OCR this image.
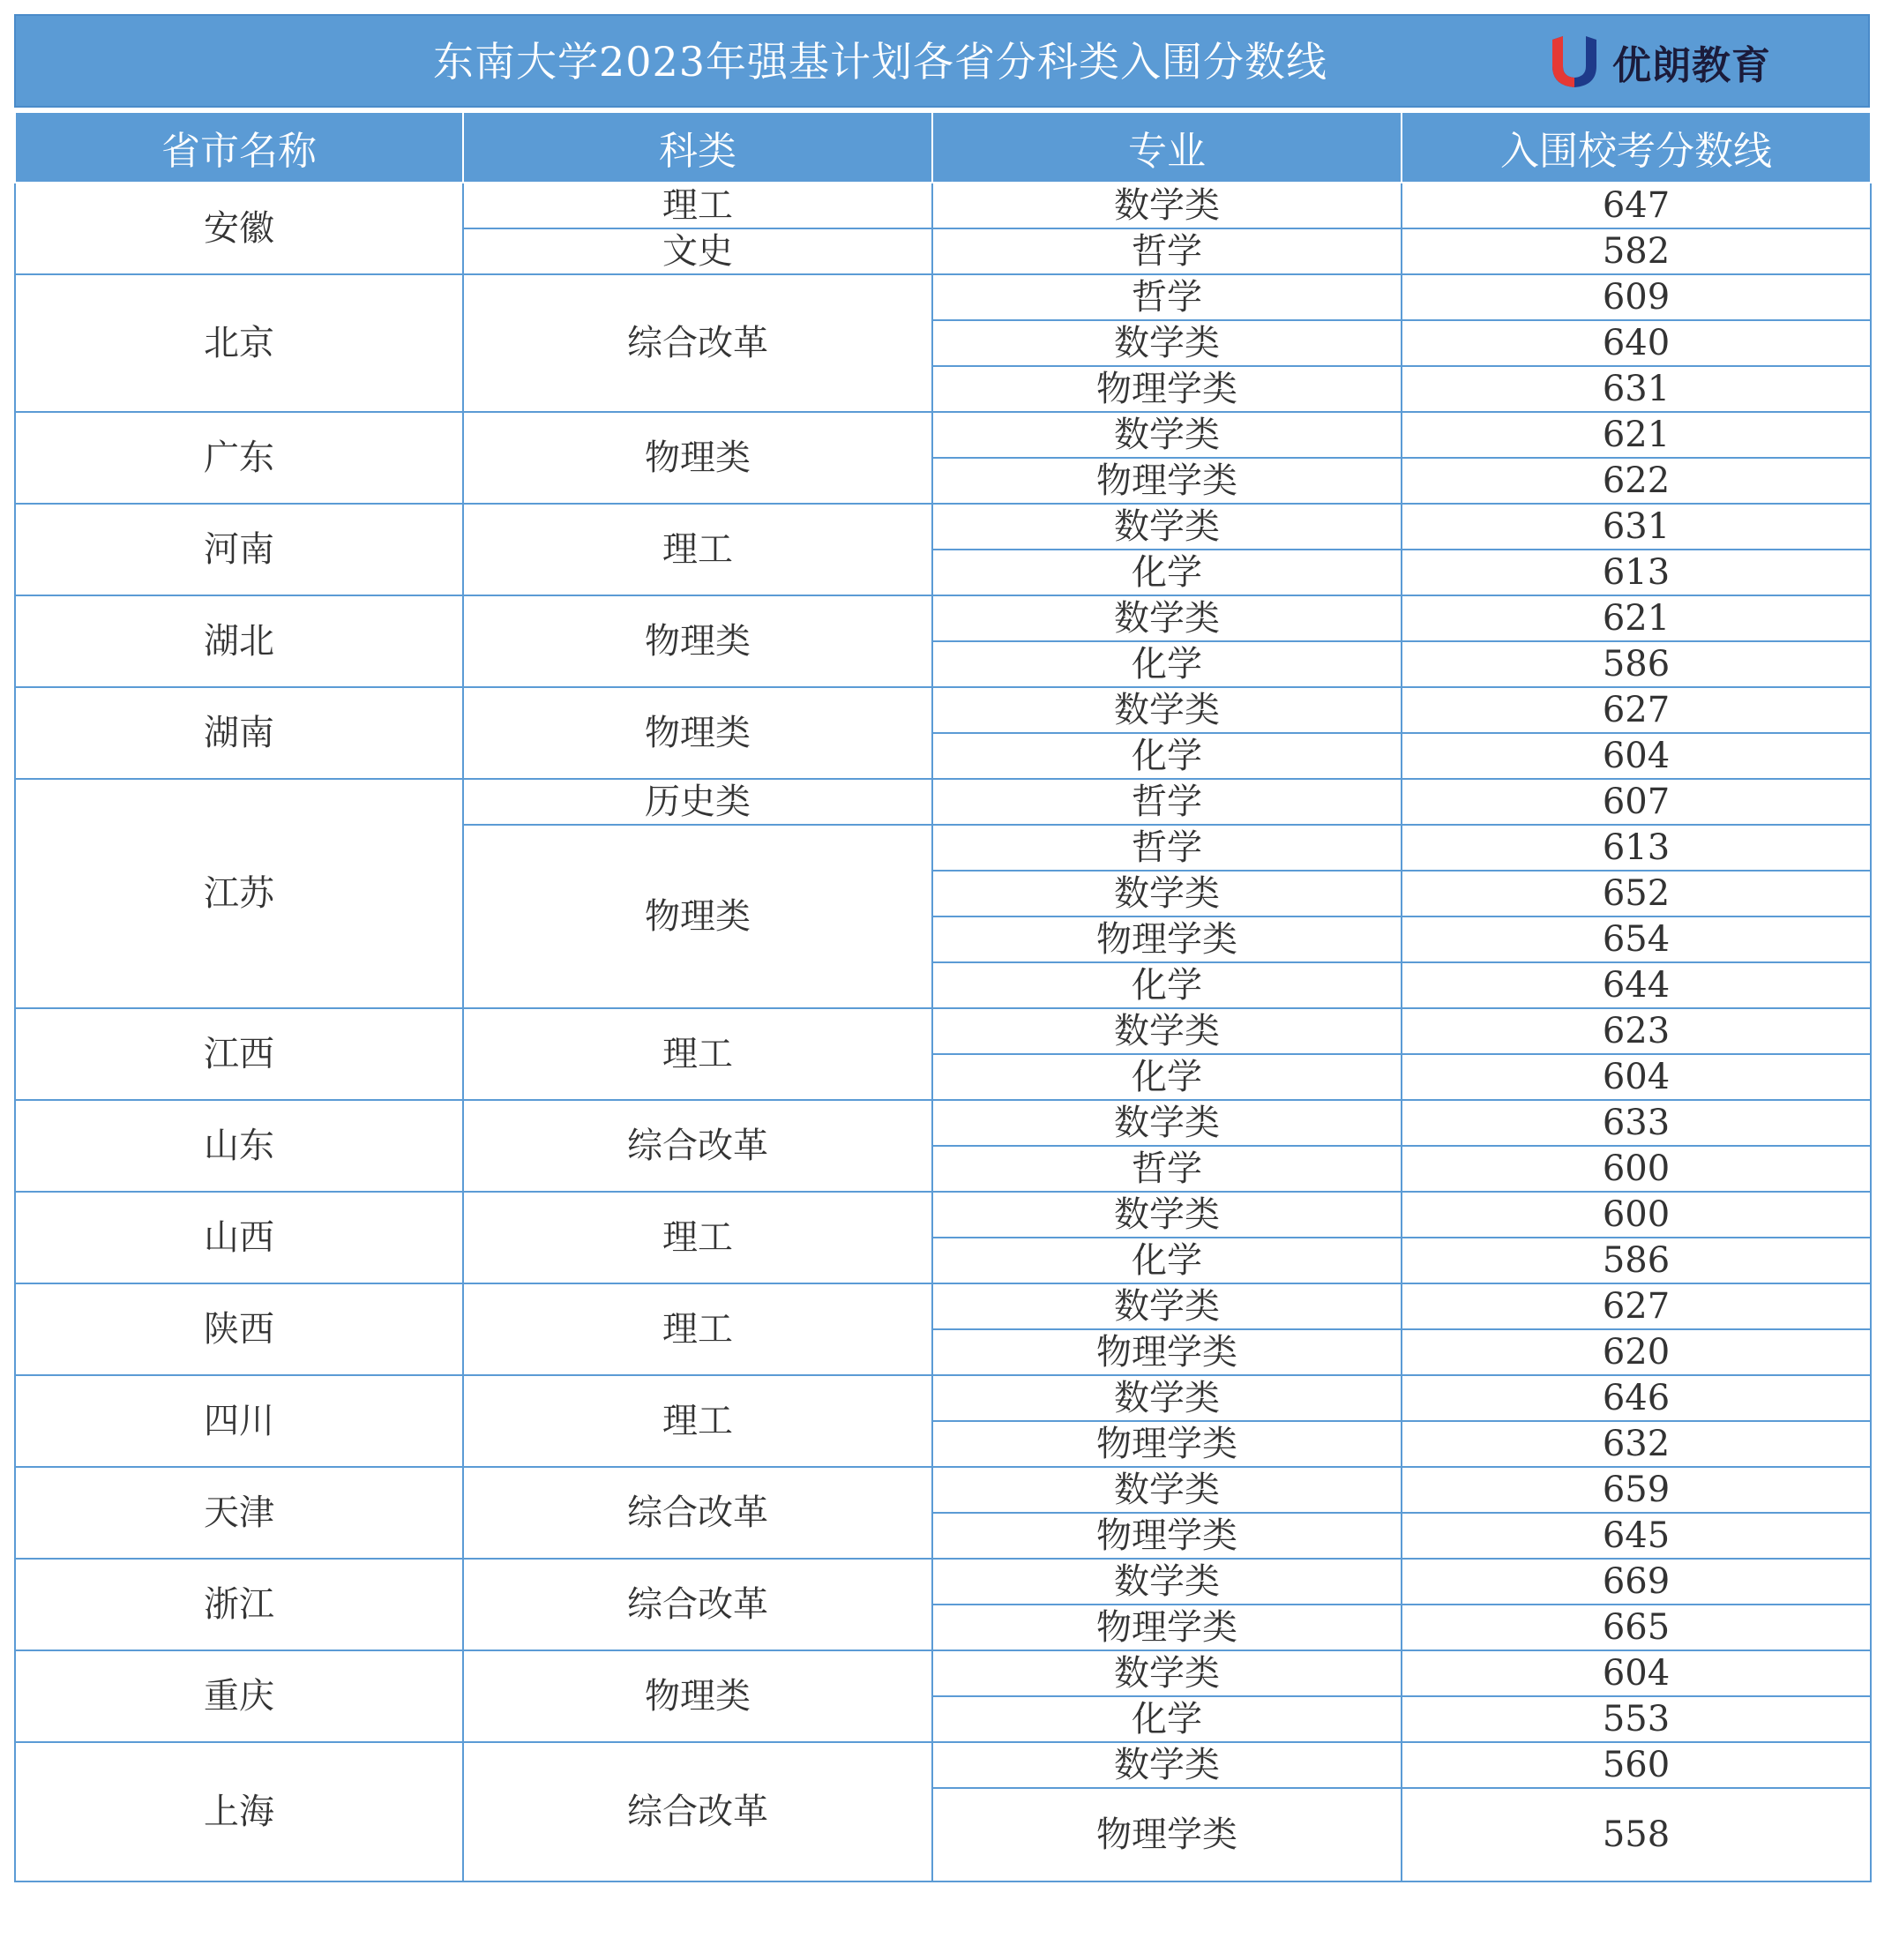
东南大学2023年强基计划各省分科类入围分数线	优朗教育
省市名称	科类	专业	入围校考分数线
安徽	理工	数学类	647
	文史	哲学	582
北京	综合改革	哲学	609
		数学类	640
		物理学类	631
广东	物理类	数学类	621
		物理学类	622
河南	理工	数学类	631
		化学	613
湖北	物理类	数学类	621
		化学	586
湖南	物理类	数学类	627
		化学	604
江苏	历史类	哲学	607
	物理类	哲学	613
		数学类	652
		物理学类	654
		化学	644
江西	理工	数学类	623
		化学	604
山东	综合改革	数学类	633
		哲学	600
山西	理工	数学类	600
		化学	586
陕西	理工	数学类	627
		物理学类	620
四川	理工	数学类	646
		物理学类	632
天津	综合改革	数学类	659
		物理学类	645
浙江	综合改革	数学类	669
		物理学类	665
重庆	物理类	数学类	604
		化学	553
上海	综合改革	数学类	560
		物理学类	558
